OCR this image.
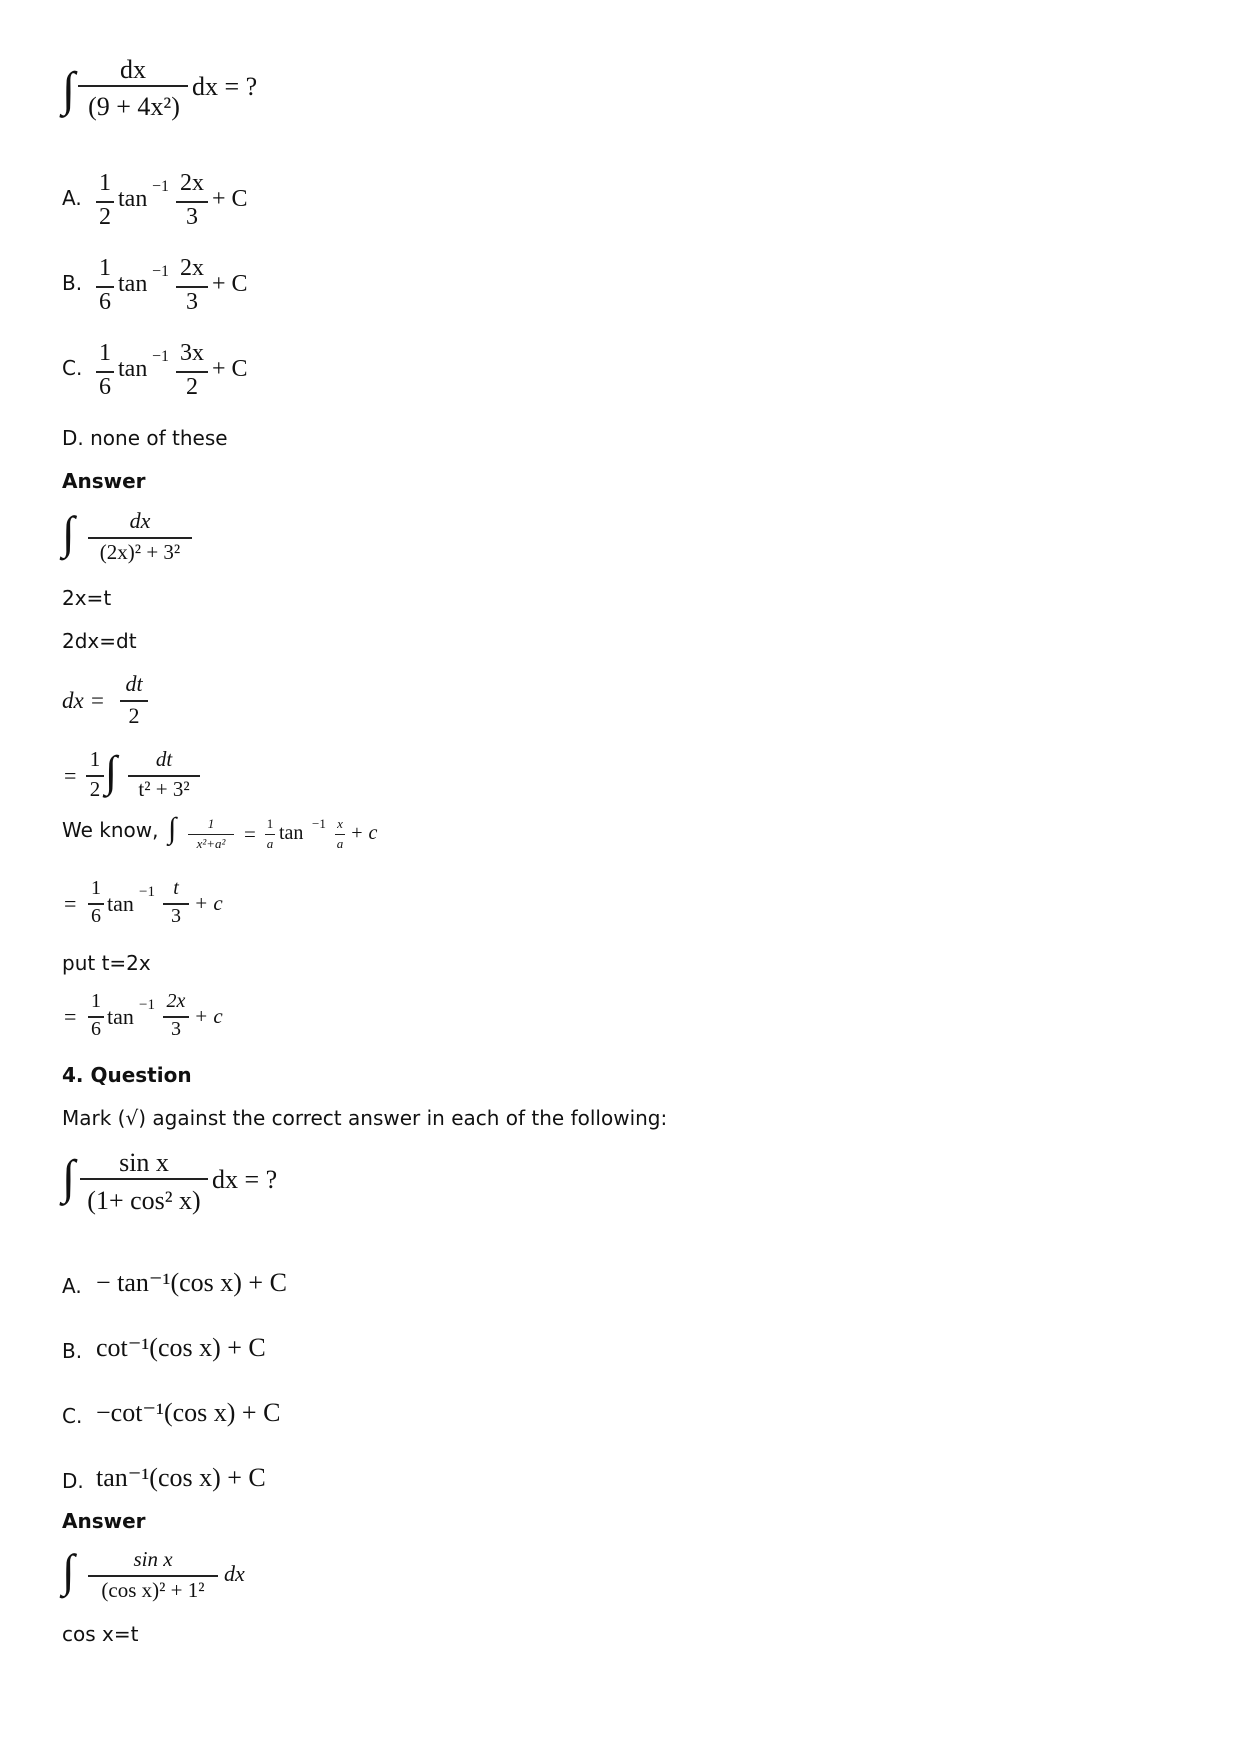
∫	dx
(9 + 4x²)
dx = ?
A.
1
2
tan −1 2x
3
+ C
B.
1
6
tan −1 2x
3
+ C
C.
1
6
tan −1 3x
2
+ C
D. none of these
Answer
∫	dx
(2x)² + 3²
2x=t
2dx=dt
dx =
dt
2
=
1
2 ∫	dt
t² + 3²
We know, ∫	1
x²+a² = 1
a tan −1 x
a + c
=
1
6 tan −1 t
3
+ c
=
1
6 tan −1 2x
3
+ c
put t=2x
4. Question
Mark (√) against the correct answer in each of the following:
∫	sin x
(1+ cos² x)
dx = ?
A. − tan⁻¹(cos x) + C
B. cot⁻¹(cos x) + C
C. −cot⁻¹(cos x) + C
D. tan⁻¹(cos x) + C
Answer
∫	sin x
(cos x)² + 1²
dx
cos x=t
